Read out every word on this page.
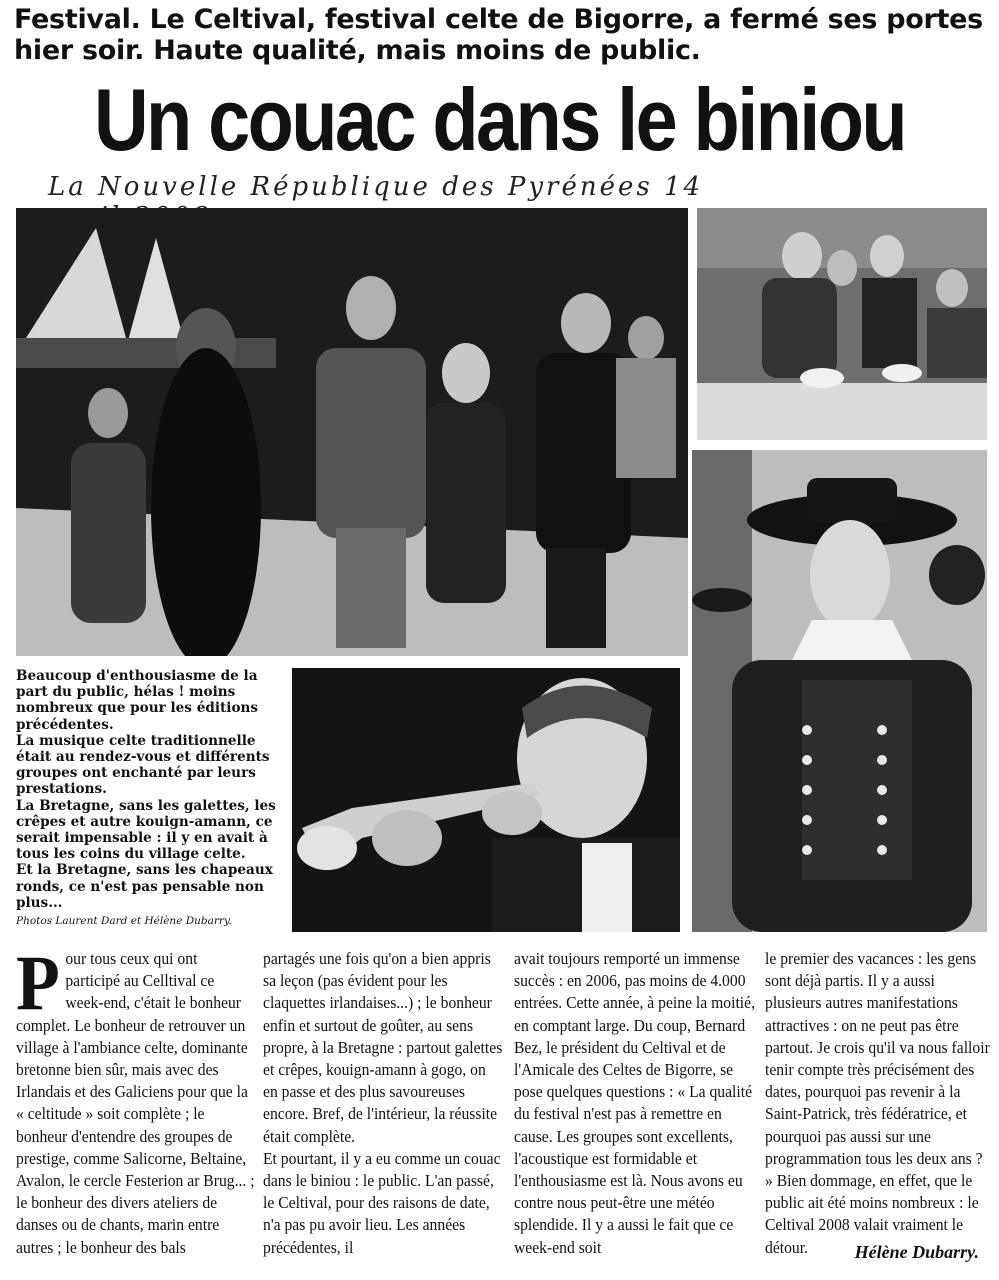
Festival. Le Celtival, festival celte de Bigorre, a fermé ses portes hier soir. Haute qualité, mais moins de public.
Un couac dans le biniou
La Nouvelle République des Pyrénées 14

Beaucoup d'enthousiasme de la part du public, hélas ! moins nombreux que pour les éditions précédentes.

La musique celte traditionnelle était au rendez-vous et différents groupes ont enchanté par leurs prestations.

La Bretagne, sans les galettes, les crêpes et autre kouign-amann, ce serait impensable : il y en avait à tous les coins du village celte.

Et la Bretagne, sans les chapeaux ronds, ce n'est pas pensable non plus...

Photos Laurent Dard et Hélène Dubarry.

P our tous ceux qui ont participé au Celltival ce week-end, c'était le bonheur complet. Le bonheur de retrouver un village à l'ambiance celte, dominante bretonne bien sûr, mais avec des Irlandais et des Galiciens pour que la « celtitude » soit complète ; le bonheur d'entendre des groupes de prestige, comme Salicorne, Beltaine, Avalon, le cercle Festerion ar Brug... ; le bonheur des divers ateliers de danses ou de chants, marin entre autres ; le bonheur des bals

partagés une fois qu'on a bien appris sa leçon (pas évident pour les claquettes irlandaises...) ; le bonheur enfin et surtout de goûter, au sens propre, à la Bretagne : partout galettes et crêpes, kouign-amann à gogo, on en passe et des plus savoureuses encore. Bref, de l'intérieur, la réussite était complète.

Et pourtant, il y a eu comme un couac dans le biniou : le public. L'an passé, le Celtival, pour des raisons de date, n'a pas pu avoir lieu. Les années précédentes, il

avait toujours remporté un immense succès : en 2006, pas moins de 4.000 entrées. Cette année, à peine la moitié, en comptant large. Du coup, Bernard Bez, le président du Celtival et de l'Amicale des Celtes de Bigorre, se pose quelques questions : « La qualité du festival n'est pas à remettre en cause. Les groupes sont excellents, l'acoustique est formidable et l'enthousiasme est là. Nous avons eu contre nous peut-être une météo splendide. Il y a aussi le fait que ce week-end soit

le premier des vacances : les gens sont déjà partis. Il y a aussi plusieurs autres manifestations attractives : on ne peut pas être partout. Je crois qu'il va nous falloir tenir compte très précisément des dates, pourquoi pas revenir à la Saint-Patrick, très fédératrice, et pourquoi pas aussi sur une programmation tous les deux ans ? » Bien dommage, en effet, que le public ait été moins nombreux : le Celtival 2008 valait vraiment le détour.	Hélène Dubarry.
